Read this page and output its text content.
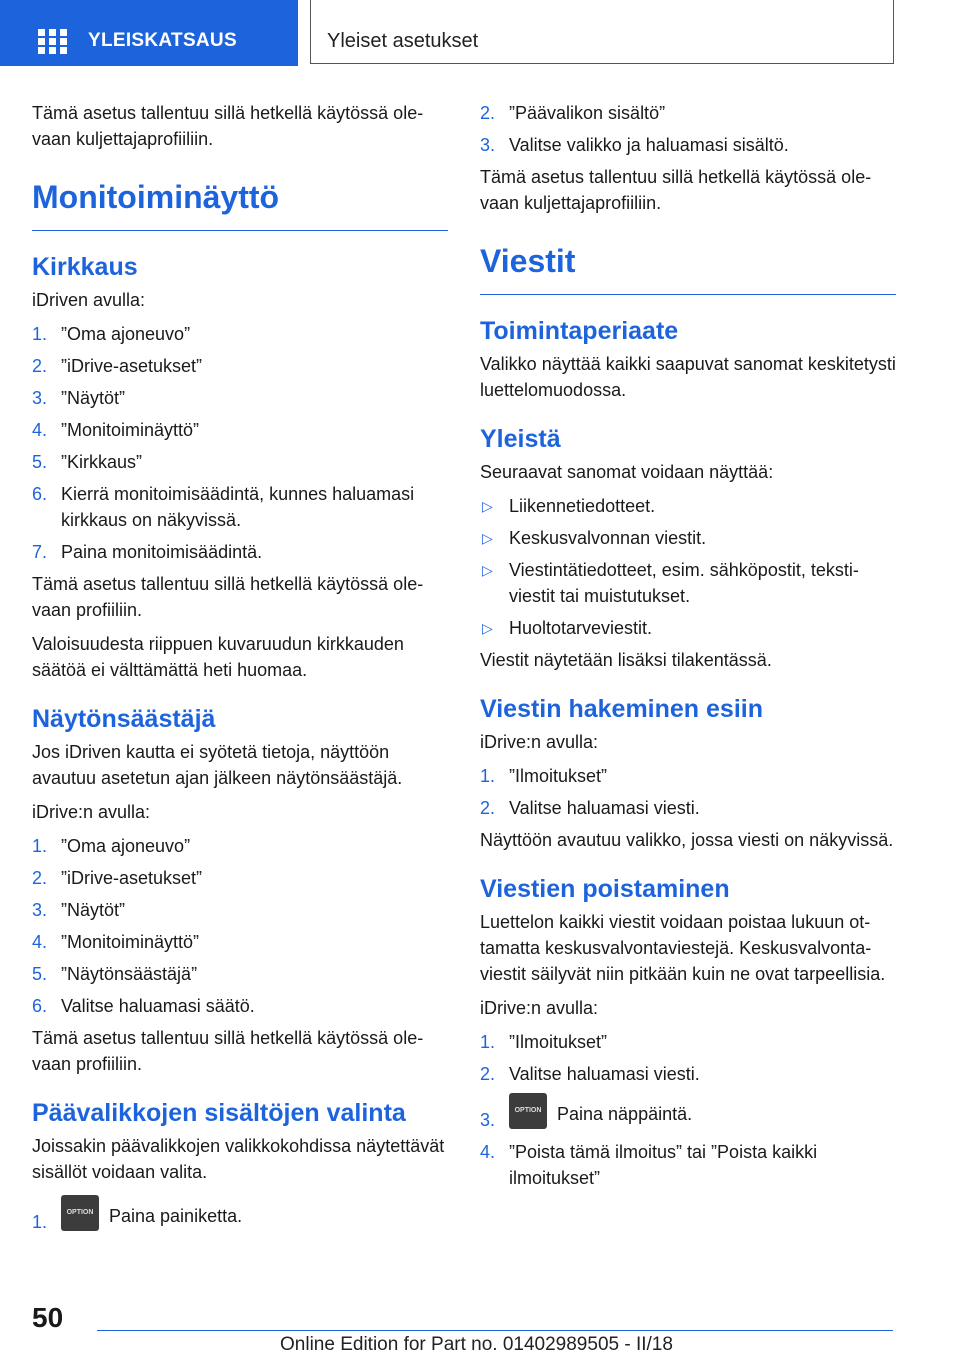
YLEISKATSAUS	Yleiset asetukset

Tämä asetus tallentuu sillä hetkellä käytössä olevaan kuljettajaprofiiliin.

Monitoiminäyttö
Kirkkaus

iDriven avulla:

1. ”Oma ajoneuvo”
2. ”iDrive-asetukset”
3. ”Näytöt”
4. ”Monitoiminäyttö”
5. ”Kirkkaus”
6. Kierrä monitoimisäädintä, kunnes haluamasi kirkkaus on näkyvissä.
7. Paina monitoimisäädintä.

Tämä asetus tallentuu sillä hetkellä käytössä olevaan profiiliin.

Valoisuudesta riippuen kuvaruudun kirkkauden säätöä ei välttämättä heti huomaa.

Näytönsäästäjä

Jos iDriven kautta ei syötetä tietoja, näyttöön avautuu asetetun ajan jälkeen näytönsäästäjä.

iDrive:n avulla:

1. ”Oma ajoneuvo”
2. ”iDrive-asetukset”
3. ”Näytöt”
4. ”Monitoiminäyttö”
5. ”Näytönsäästäjä”
6. Valitse haluamasi säätö.

Tämä asetus tallentuu sillä hetkellä käytössä olevaan profiiliin.

Päävalikkojen sisältöjen valinta

Joissakin päävalikkojen valikkokohdissa näytettävät sisällöt voidaan valita.

1.	OPTION Paina painiketta.
2. ”Päävalikon sisältö”
3. Valitse valikko ja haluamasi sisältö.

Tämä asetus tallentuu sillä hetkellä käytössä olevaan kuljettajaprofiiliin.

Viestit
Toimintaperiaate

Valikko näyttää kaikki saapuvat sanomat keskitetysti luettelomuodossa.

Yleistä

Seuraavat sanomat voidaan näyttää:

▷ Liikennetiedotteet.
▷ Keskusvalvonnan viestit.
▷ Viestintätiedotteet, esim. sähköpostit, tekstiviestit tai muistutukset.
▷ Huoltotarveviestit.

Viestit näytetään lisäksi tilakentässä.

Viestin hakeminen esiin

iDrive:n avulla:

1. ”Ilmoitukset”
2. Valitse haluamasi viesti.

Näyttöön avautuu valikko, jossa viesti on näkyvissä.

Viestien poistaminen

Luettelon kaikki viestit voidaan poistaa lukuun ottamatta keskusvalvontaviestejä. Keskusvalvontaviestit säilyvät niin pitkään kuin ne ovat tarpeellisia.

iDrive:n avulla:

1. ”Ilmoitukset”
2. Valitse haluamasi viesti.
3.	OPTION Paina näppäintä.
4. ”Poista tämä ilmoitus” tai ”Poista kaikki ilmoitukset”
50
Online Edition for Part no. 01402989505 - II/18
